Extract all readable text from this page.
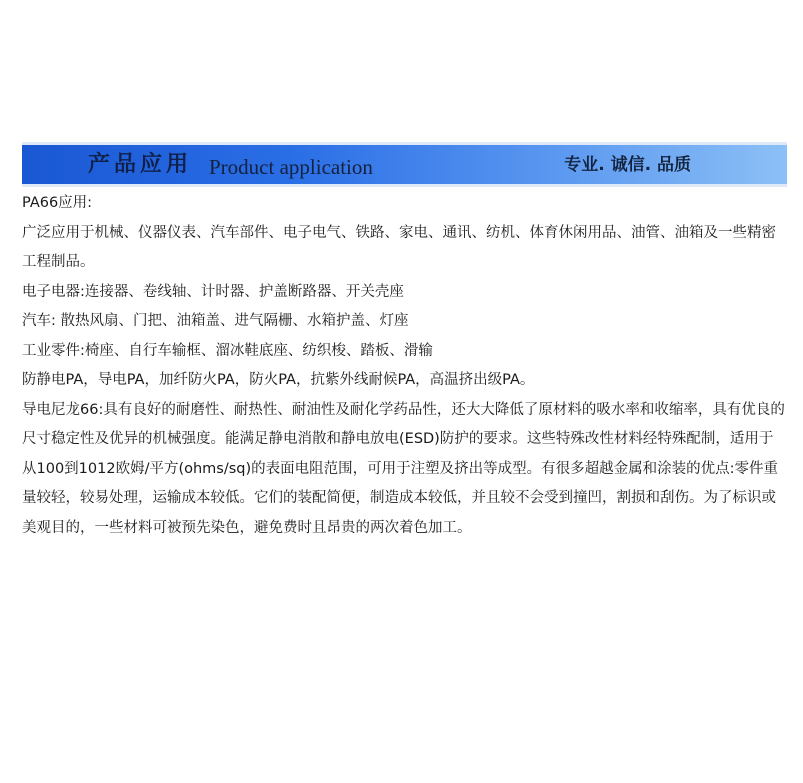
产品应用 Product application	专业. 诚信. 品质

PA66应用:

广泛应用于机械、仪器仪表、汽车部件、电子电气、铁路、家电、通讯、纺机、体育休闲用品、油管、油箱及一些精密工程制品。

电子电器:连接器、卷线轴、计时器、护盖断路器、开关壳座

汽车: 散热风扇、门把、油箱盖、进气隔栅、水箱护盖、灯座

工业零件:椅座、自行车输框、溜冰鞋底座、纺织梭、踏板、滑输

防静电PA，导电PA，加纤防火PA，防火PA，抗紫外线耐候PA，高温挤出级PA。

导电尼龙66:具有良好的耐磨性、耐热性、耐油性及耐化学药品性，还大大降低了原材料的吸水率和收缩率，具有优良的尺寸稳定性及优异的机械强度。能满足静电消散和静电放电(ESD)防护的要求。这些特殊改性材料经特殊配制，适用于从100到1012欧姆/平方(ohms/sq)的表面电阻范围，可用于注塑及挤出等成型。有很多超越金属和涂装的优点:零件重量较轻，较易处理，运输成本较低。它们的装配简便，制造成本较低，并且较不会受到撞凹，割损和刮伤。为了标识或美观目的，一些材料可被预先染色，避免费时且昂贵的两次着色加工。
